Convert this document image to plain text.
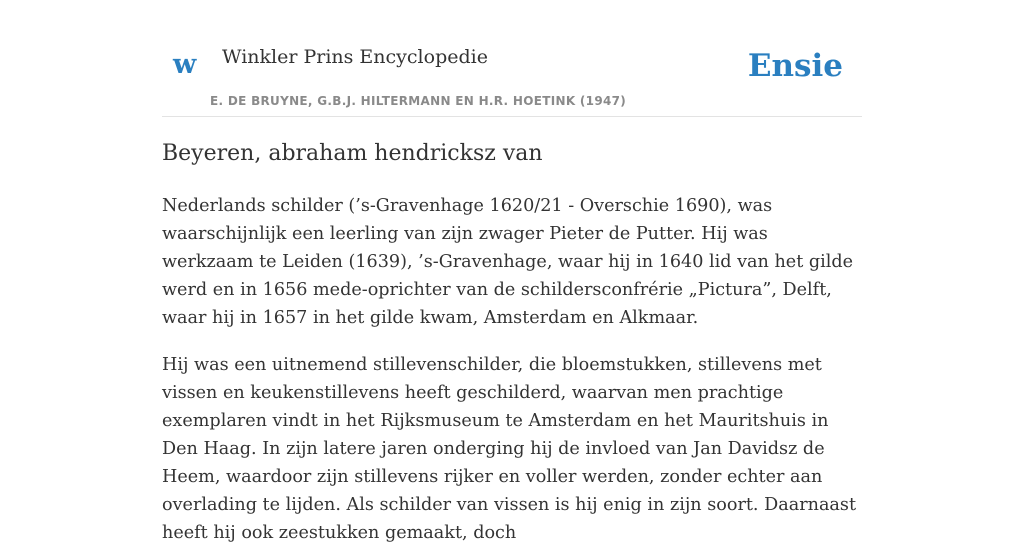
w Winkler Prins Encyclopedie
E. DE BRUYNE, G.B.J. HILTERMANN EN H.R. HOETINK (1947)
Ensie
Beyeren, abraham hendricksz van

Nederlands schilder (’s-Gravenhage 1620/21 - Overschie 1690), was waarschijnlijk een leerling van zijn zwager Pieter de Putter. Hij was werkzaam te Leiden (1639), ’s-Gravenhage, waar hij in 1640 lid van het gilde werd en in 1656 mede-oprichter van de schildersconfrérie „Pictura”, Delft, waar hij in 1657 in het gilde kwam, Amsterdam en Alkmaar.

Hij was een uitnemend stillevenschilder, die bloemstukken, stillevens met vissen en keukenstillevens heeft geschilderd, waarvan men prachtige exemplaren vindt in het Rijksmuseum te Amsterdam en het Mauritshuis in Den Haag. In zijn latere jaren onderging hij de invloed van Jan Davidsz de Heem, waardoor zijn stillevens rijker en voller werden, zonder echter aan overlading te lijden. Als schilder van vissen is hij enig in zijn soort. Daarnaast heeft hij ook zeestukken gemaakt, doch
